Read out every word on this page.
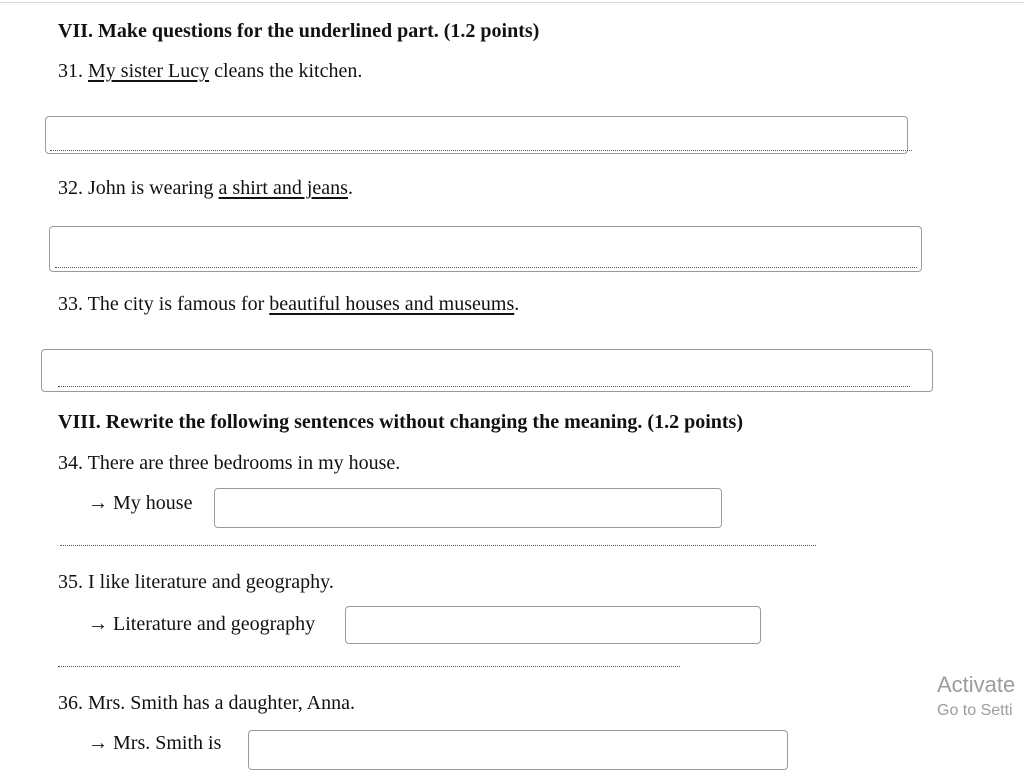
VII. Make questions for the underlined part. (1.2 points)
31. My sister Lucy cleans the kitchen.
32. John is wearing a shirt and jeans.
33. The city is famous for beautiful houses and museums.
VIII. Rewrite the following sentences without changing the meaning. (1.2 points)
34. There are three bedrooms in my house.
→ My house
35. I like literature and geography.
→ Literature and geography
36. Mrs. Smith has a daughter, Anna.
→ Mrs. Smith is
Activate
Go to Setti
